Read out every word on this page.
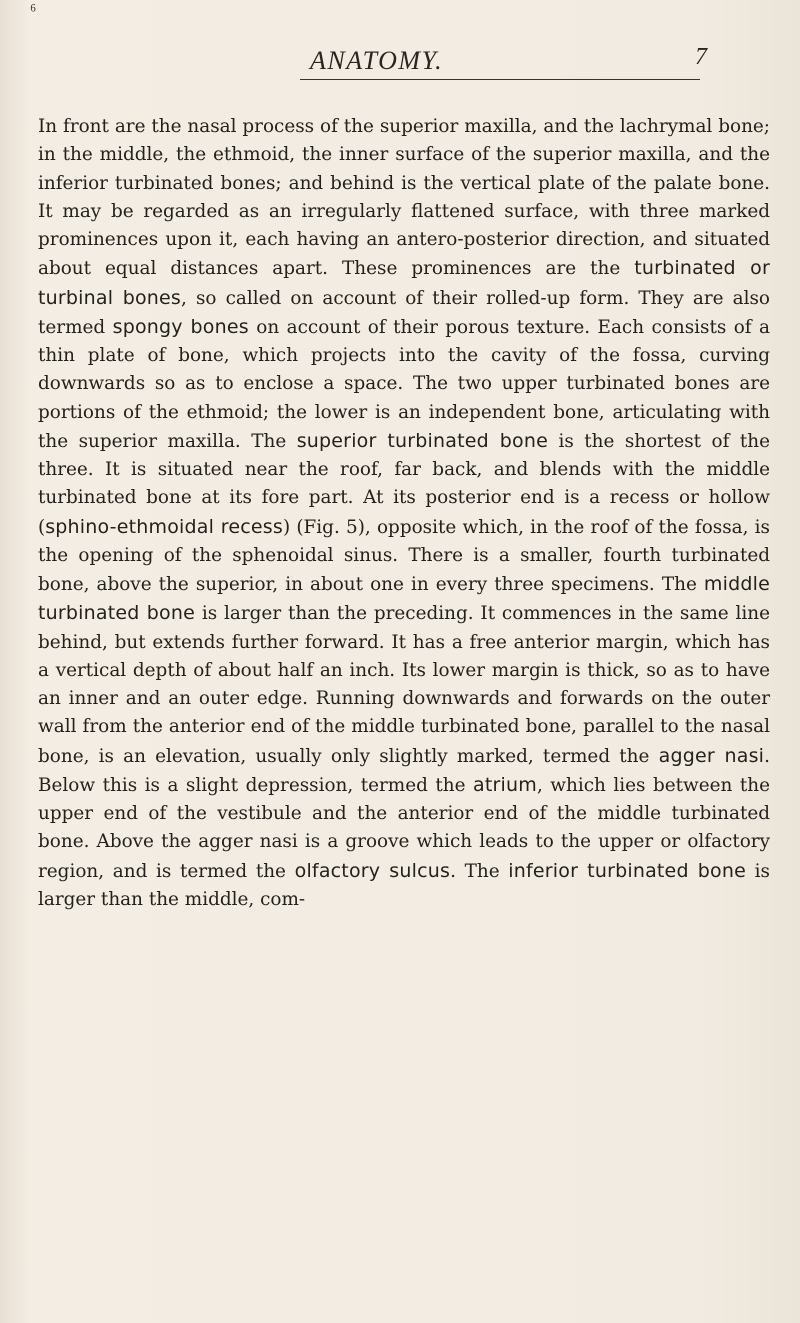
⁶
ANATOMY.	7

In front are the nasal process of the superior maxilla, and the lachrymal bone; in the middle, the ethmoid, the inner surface of the superior maxilla, and the inferior turbinated bones; and behind is the vertical plate of the palate bone. It may be regarded as an irregularly flattened surface, with three marked prominences upon it, each having an antero-posterior direction, and situated about equal distances apart. These prominences are the turbinated or turbinal bones, so called on account of their rolled-up form. They are also termed spongy bones on account of their porous texture. Each consists of a thin plate of bone, which projects into the cavity of the fossa, curving downwards so as to enclose a space. The two upper turbinated bones are portions of the ethmoid; the lower is an independent bone, articulating with the superior maxilla. The superior turbinated bone is the shortest of the three. It is situated near the roof, far back, and blends with the middle turbinated bone at its fore part. At its posterior end is a recess or hollow (sphino-ethmoidal recess) (Fig. 5), opposite which, in the roof of the fossa, is the opening of the sphenoidal sinus. There is a smaller, fourth turbinated bone, above the superior, in about one in every three specimens. The middle turbinated bone is larger than the preceding. It commences in the same line behind, but extends further forward. It has a free anterior margin, which has a vertical depth of about half an inch. Its lower margin is thick, so as to have an inner and an outer edge. Running downwards and forwards on the outer wall from the anterior end of the middle turbinated bone, parallel to the nasal bone, is an elevation, usually only slightly marked, termed the agger nasi. Below this is a slight depression, termed the atrium, which lies between the upper end of the vestibule and the anterior end of the middle turbinated bone. Above the agger nasi is a groove which leads to the upper or olfactory region, and is termed the olfactory sulcus. The inferior turbinated bone is larger than the middle, com-
